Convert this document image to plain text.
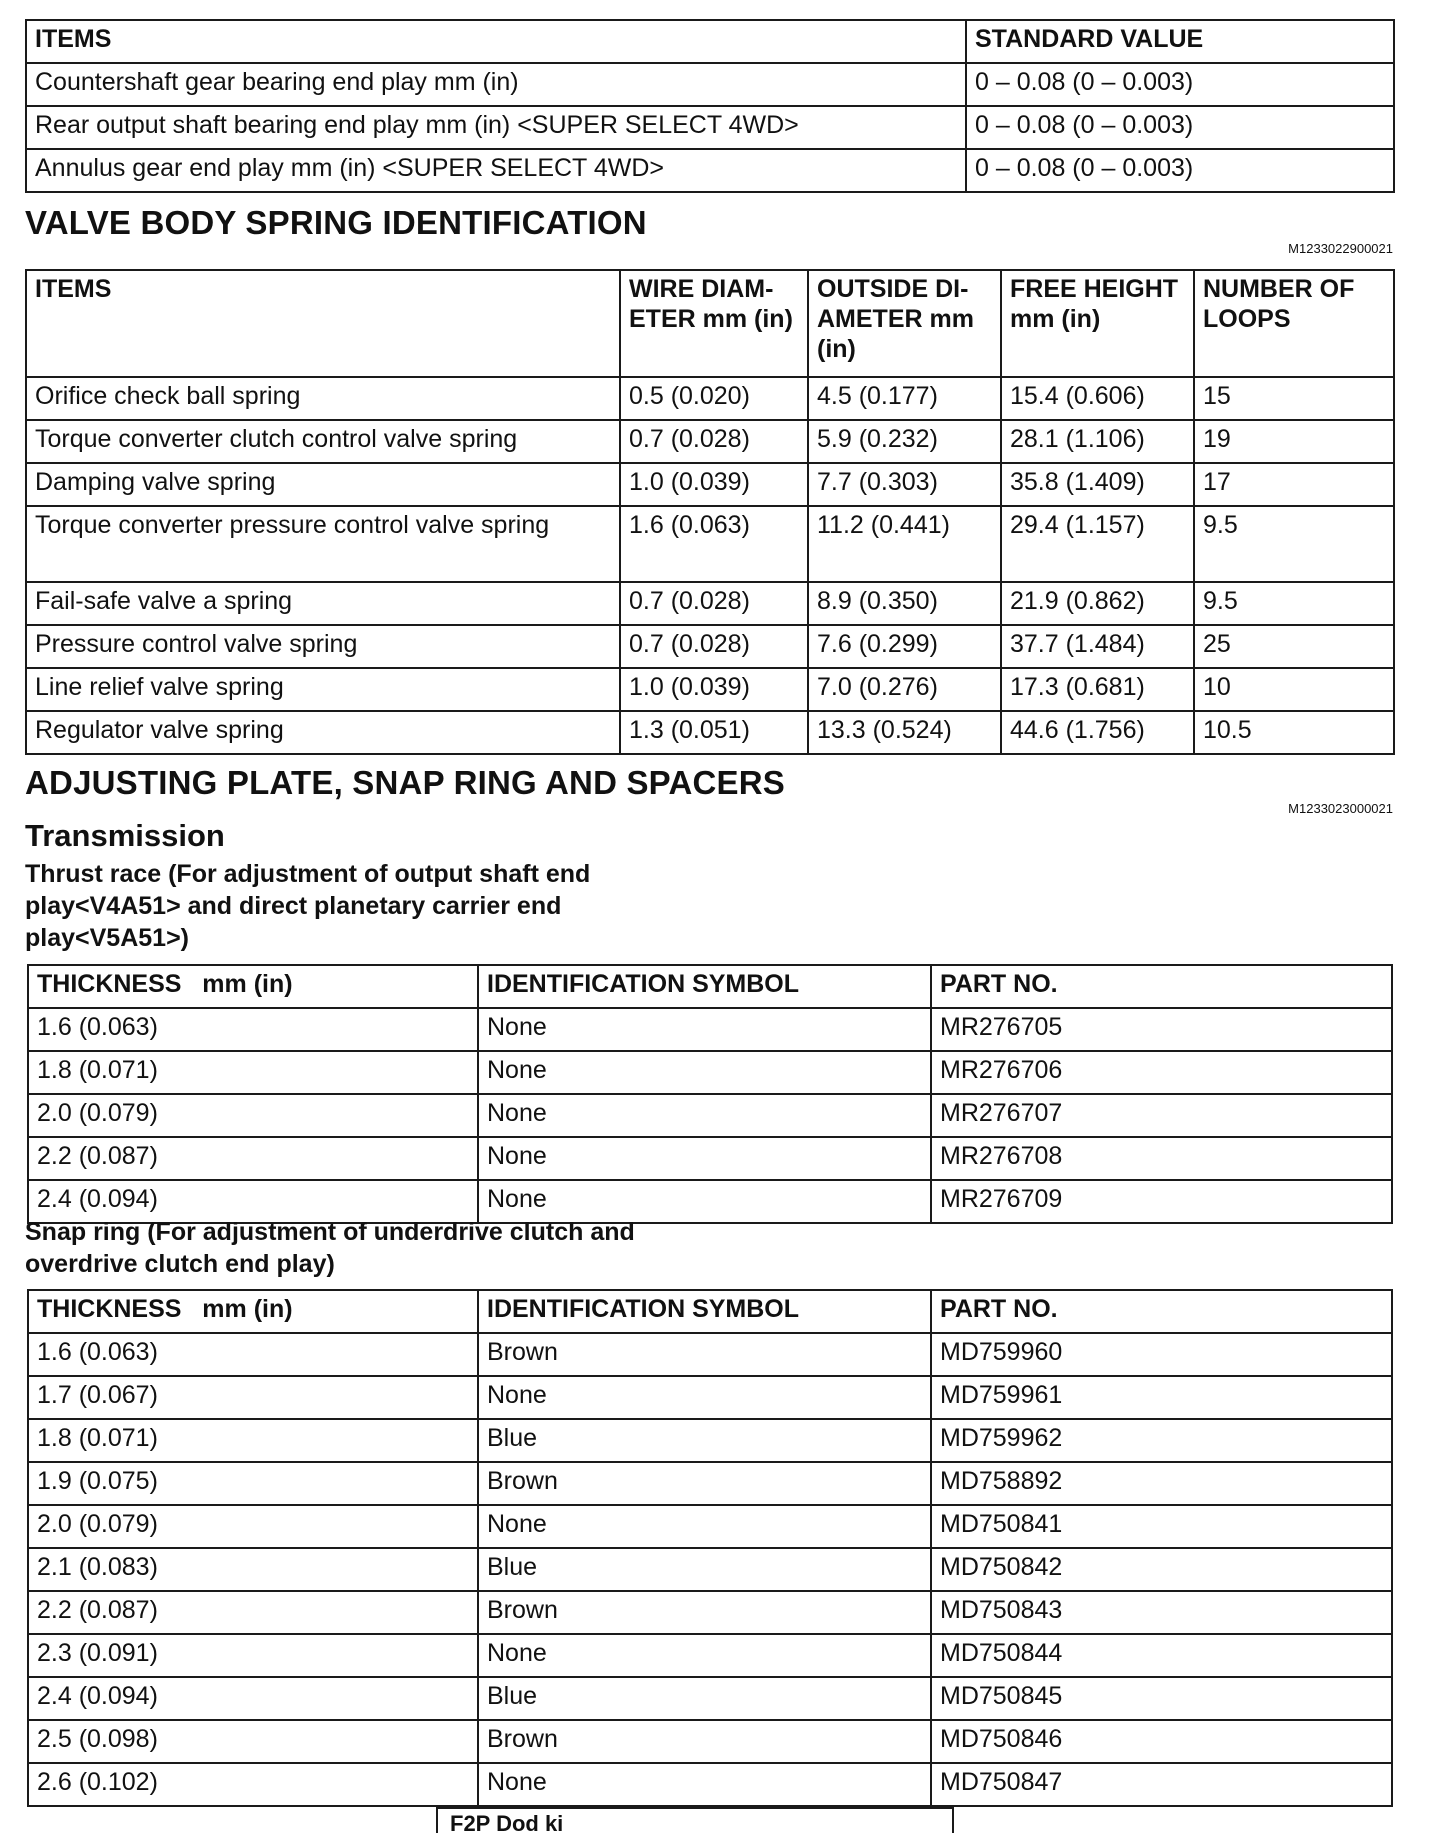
ITEMS	STANDARD VALUE
Countershaft gear bearing end play mm (in)	0 – 0.08 (0 – 0.003)
Rear output shaft bearing end play mm (in) <SUPER SELECT 4WD>	0 – 0.08 (0 – 0.003)
Annulus gear end play mm (in) <SUPER SELECT 4WD>	0 – 0.08 (0 – 0.003)
VALVE BODY SPRING IDENTIFICATION
M1233022900021
ITEMS	WIRE DIAM-ETER mm (in)	OUTSIDE DI-AMETER mm (in)	FREE HEIGHT mm (in)	NUMBER OF LOOPS
Orifice check ball spring	0.5 (0.020)	4.5 (0.177)	15.4 (0.606)	15
Torque converter clutch control valve spring	0.7 (0.028)	5.9 (0.232)	28.1 (1.106)	19
Damping valve spring	1.0 (0.039)	7.7 (0.303)	35.8 (1.409)	17
Torque converter pressure control valve spring	1.6 (0.063)	11.2 (0.441)	29.4 (1.157)	9.5
Fail-safe valve a spring	0.7 (0.028)	8.9 (0.350)	21.9 (0.862)	9.5
Pressure control valve spring	0.7 (0.028)	7.6 (0.299)	37.7 (1.484)	25
Line relief valve spring	1.0 (0.039)	7.0 (0.276)	17.3 (0.681)	10
Regulator valve spring	1.3 (0.051)	13.3 (0.524)	44.6 (1.756)	10.5
ADJUSTING PLATE, SNAP RING AND SPACERS
M1233023000021
Transmission
Thrust race (For adjustment of output shaft end play<V4A51> and direct planetary carrier end play<V5A51>)
THICKNESS   mm (in)	IDENTIFICATION SYMBOL	PART NO.
1.6 (0.063)	None	MR276705
1.8 (0.071)	None	MR276706
2.0 (0.079)	None	MR276707
2.2 (0.087)	None	MR276708
2.4 (0.094)	None	MR276709
Snap ring (For adjustment of underdrive clutch and overdrive clutch end play)
THICKNESS   mm (in)	IDENTIFICATION SYMBOL	PART NO.
1.6 (0.063)	Brown	MD759960
1.7 (0.067)	None	MD759961
1.8 (0.071)	Blue	MD759962
1.9 (0.075)	Brown	MD758892
2.0 (0.079)	None	MD750841
2.1 (0.083)	Blue	MD750842
2.2 (0.087)	Brown	MD750843
2.3 (0.091)	None	MD750844
2.4 (0.094)	Blue	MD750845
2.5 (0.098)	Brown	MD750846
2.6 (0.102)	None	MD750847
F2P Dod ki
